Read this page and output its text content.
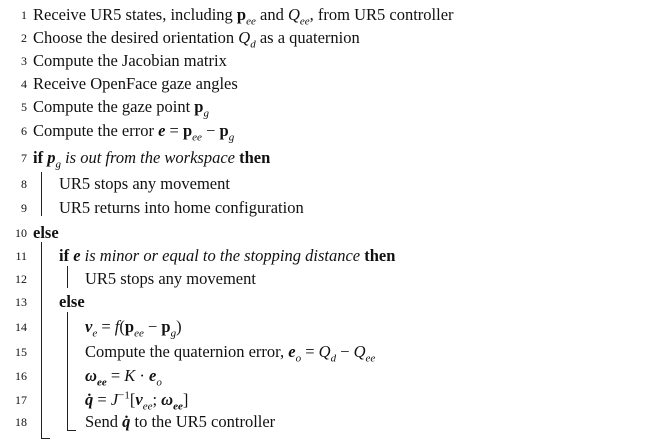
1 Receive UR5 states, including $p_{ee}$ and $Q_{ee}$, from UR5 controller
2 Choose the desired orientation $Q_d$ as a quaternion
3 Compute the Jacobian matrix
4 Receive OpenFace gaze angles
5 Compute the gaze point $p_g$
6 Compute the error $e = p_{ee} - p_g$
7 if $p_g$ is out from the workspace then
8 UR5 stops any movement
9 UR5 returns into home configuration
10 else
11 if e is minor or equal to the stopping distance then
12	UR5 stops any movement
13 else
14	$v_e = f(p_{ee} - p_g)$
15	Compute the quaternion error, $e_o = Q_d - Q_{ee}$
16	$\omega_{ee} = K \cdot e_o$
17	q̇ = $J^{-1}[v_{ee}$; $\omega_{ee}$]
18	Send q̇ to the UR5 controller
